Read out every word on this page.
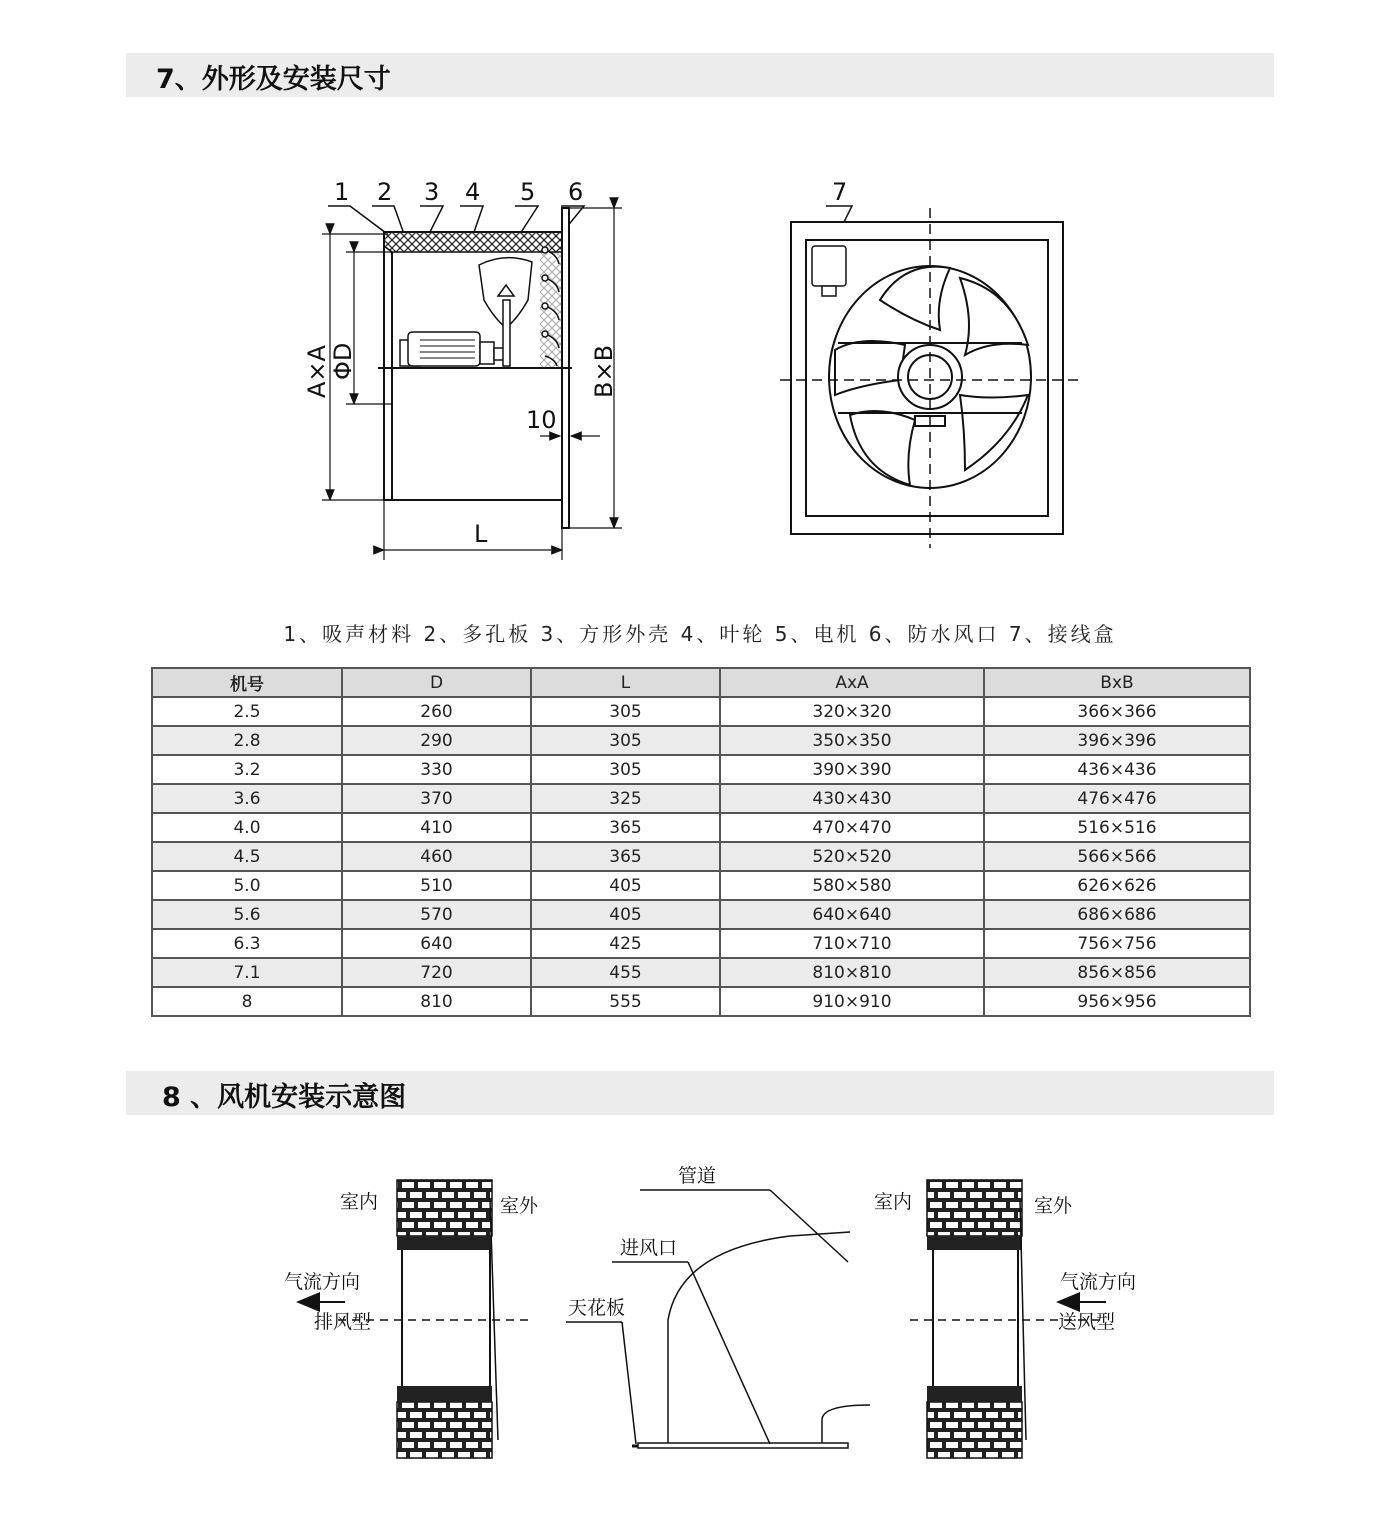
7、外形及安装尺寸
1 2 3 4 5 6
A×A
ΦD	B×B
10
L
7
1、吸声材料 2、多孔板 3、方形外壳 4、叶轮 5、电机 6、防水风口 7、接线盒
机号	D	L	AxA	BxB
2.5	260	305	320×320	366×366
2.8	290	305	350×350	396×396
3.2	330	305	390×390	436×436
3.6	370	325	430×430	476×476
4.0	410	365	470×470	516×516
4.5	460	365	520×520	566×566
5.0	510	405	580×580	626×626
5.6	570	405	640×640	686×686
6.3	640	425	710×710	756×756
7.1	720	455	810×810	856×856
8	810	555	910×910	956×956
8 、风机安装示意图
室内	室外
气流方向
排风型
管道
进风口
天花板
室内	室外
气流方向
送风型
